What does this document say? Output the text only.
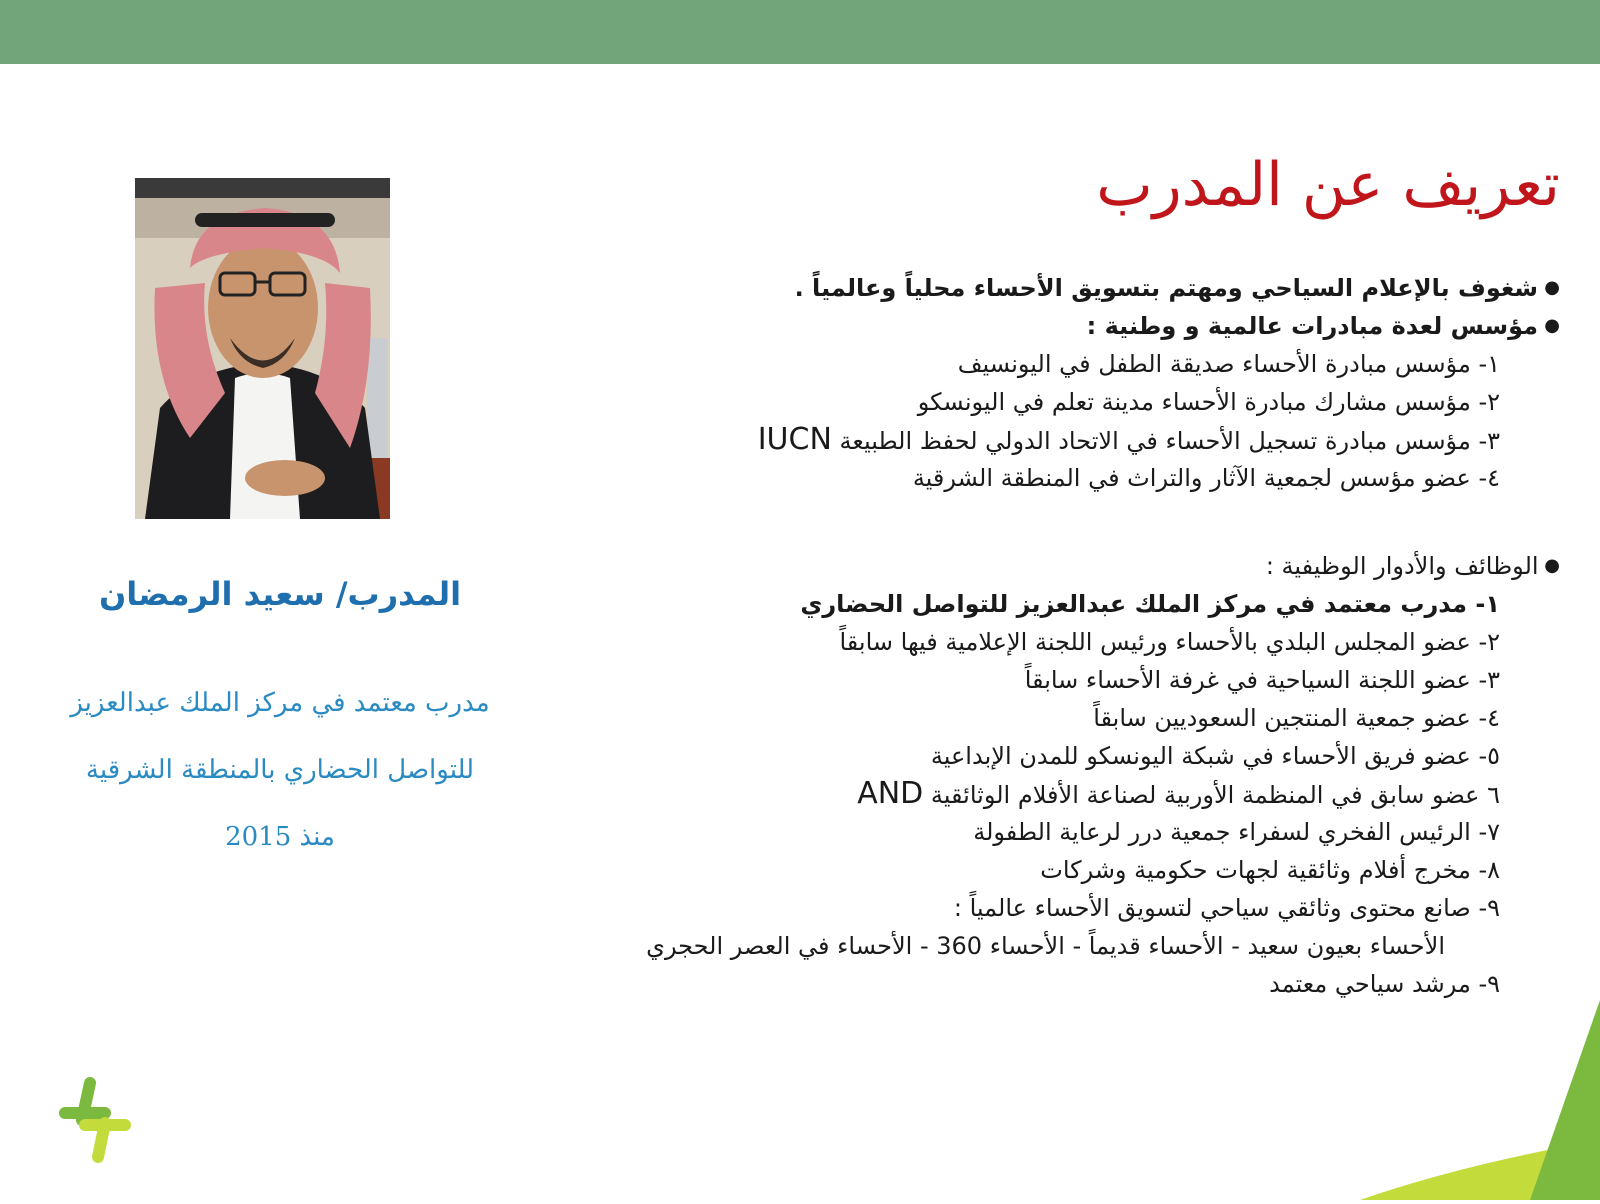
تعريف عن المدرب
● شغوف بالإعلام السياحي ومهتم بتسويق الأحساء محلياً وعالمياً .
● مؤسس لعدة مبادرات عالمية و وطنية :
١- مؤسس مبادرة الأحساء صديقة الطفل في اليونسيف
٢- مؤسس مشارك مبادرة الأحساء مدينة تعلم في اليونسكو
٣- مؤسس مبادرة تسجيل الأحساء في الاتحاد الدولي لحفظ الطبيعة IUCN
٤- عضو مؤسس لجمعية الآثار والتراث في المنطقة الشرقية
● الوظائف والأدوار الوظيفية :
١- مدرب معتمد في مركز الملك عبدالعزيز للتواصل الحضاري
٢- عضو المجلس البلدي بالأحساء ورئيس اللجنة الإعلامية فيها سابقاً
٣- عضو اللجنة السياحية في غرفة الأحساء سابقاً
٤- عضو جمعية المنتجين السعوديين سابقاً
٥- عضو فريق الأحساء في شبكة اليونسكو للمدن الإبداعية
٦ عضو سابق في المنظمة الأوربية لصناعة الأفلام الوثائقية AND
٧- الرئيس الفخري لسفراء جمعية درر لرعاية الطفولة
٨- مخرج أفلام وثائقية لجهات حكومية وشركات
٩- صانع محتوى وثائقي سياحي لتسويق الأحساء عالمياً :
الأحساء بعيون سعيد - الأحساء قديماً - الأحساء 360 - الأحساء في العصر الحجري
٩- مرشد سياحي معتمد
المدرب/ سعيد الرمضان
مدرب معتمد في مركز الملك عبدالعزيز
للتواصل الحضاري بالمنطقة الشرقية
منذ 2015
